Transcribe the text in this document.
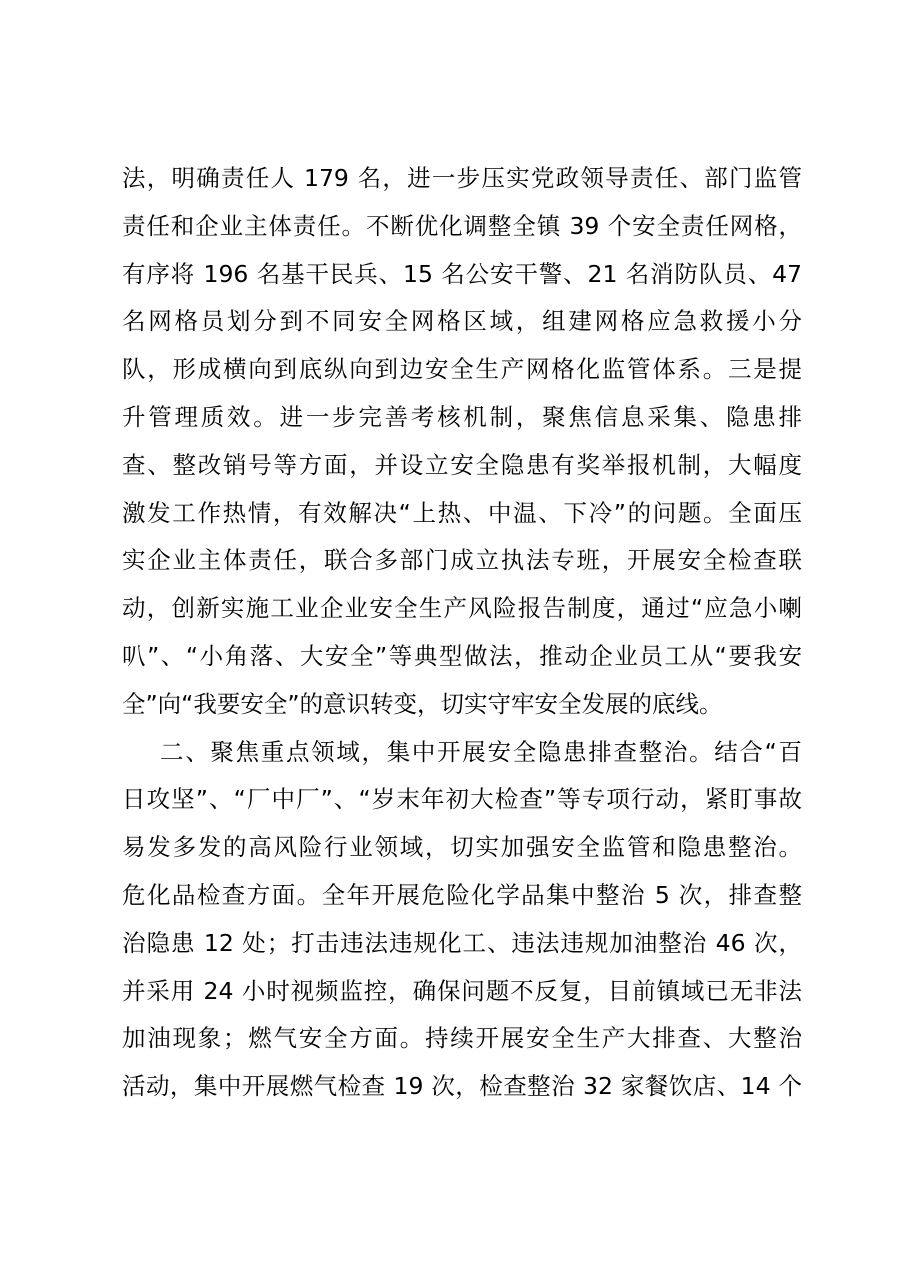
法，明确责任人 179 名，进一步压实党政领导责任、部门监管
责任和企业主体责任。不断优化调整全镇 39 个安全责任网格，
有序将 196 名基干民兵、15 名公安干警、21 名消防队员、47
名网格员划分到不同安全网格区域，组建网格应急救援小分
队，形成横向到底纵向到边安全生产网格化监管体系。三是提
升管理质效。进一步完善考核机制，聚焦信息采集、隐患排
查、整改销号等方面，并设立安全隐患有奖举报机制，大幅度
激发工作热情，有效解决“上热、中温、下冷”的问题。全面压
实企业主体责任，联合多部门成立执法专班，开展安全检查联
动，创新实施工业企业安全生产风险报告制度，通过“应急小喇
叭”、“小角落、大安全”等典型做法，推动企业员工从“要我安
全”向“我要安全”的意识转变，切实守牢安全发展的底线。
二、聚焦重点领域，集中开展安全隐患排查整治。结合“百
日攻坚”、“厂中厂”、“岁末年初大检查”等专项行动，紧盯事故
易发多发的高风险行业领域，切实加强安全监管和隐患整治。
危化品检查方面。全年开展危险化学品集中整治 5 次，排查整
治隐患 12 处；打击违法违规化工、违法违规加油整治 46 次，
并采用 24 小时视频监控，确保问题不反复，目前镇域已无非法
加油现象；燃气安全方面。持续开展安全生产大排查、大整治
活动，集中开展燃气检查 19 次，检查整治 32 家餐饮店、14 个
